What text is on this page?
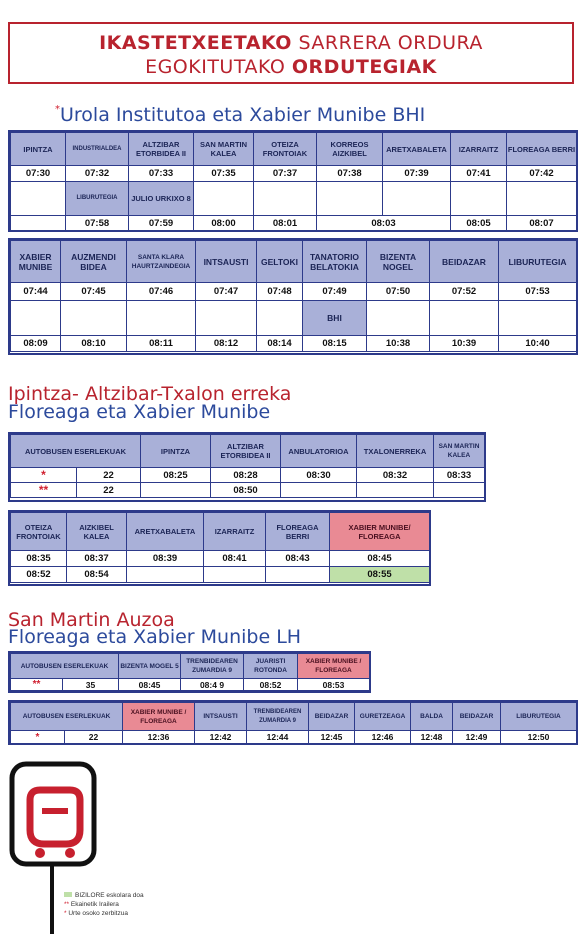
IKASTETXEETAKO SARRERA ORDURA
EGOKITUTAKO ORDUTEGIAK
*Urola Institutoa eta Xabier Munibe BHI
IPINTZA	INDUSTRIALDEA	ALTZIBAR ETORBIDEA II	SAN MARTIN KALEA	OTEIZA FRONTOIAK	KORREOS AIZKIBEL	ARETXABALETA	IZARRAITZ	FLOREAGA BERRI
07:30	07:32	07:33	07:35	07:37	07:38	07:39	07:41	07:42
	LIBURUTEGIA	JULIO URKIXO 8						
	07:58	07:59	08:00	08:01	08:03		08:05	08:07
XABIER MUNIBE	AUZMENDI BIDEA	SANTA KLARA HAURTZAINDEGIA	INTSAUSTI	GELTOKI	TANATORIO BELATOKIA	BIZENTA NOGEL	BEIDAZAR	LIBURUTEGIA
07:44	07:45	07:46	07:47	07:48	07:49	07:50	07:52	07:53
					BHI			
08:09	08:10	08:11	08:12	08:14	08:15	10:38	10:39	10:40
Ipintza- Altzibar-Txalon erreka
Floreaga eta Xabier Munibe
AUTOBUSEN ESERLEKUAK		IPINTZA	ALTZIBAR ETORBIDEA II	ANBULATORIOA	TXALONERREKA	SAN MARTIN KALEA
*	22	08:25	08:28	08:30	08:32	08:33
**	22		08:50			
OTEIZA FRONTOIAK	AIZKIBEL KALEA	ARETXABALETA	IZARRAITZ	FLOREAGA BERRI	XABIER MUNIBE/ FLOREAGA
08:35	08:37	08:39	08:41	08:43	08:45
08:52	08:54				08:55
San Martin Auzoa
Floreaga eta Xabier Munibe LH
AUTOBUSEN ESERLEKUAK		BIZENTA MOGEL 5	TRENBIDEAREN ZUMARDIA 9	JUARISTI ROTONDA	XABIER MUNIBE / FLOREAGA
**	35	08:45	08:4 9	08:52	08:53
AUTOBUSEN ESERLEKUAK		XABIER MUNIBE / FLOREAGA	INTSAUSTI	TRENBIDEAREN ZUMARDIA 9	BEIDAZAR	GURETZEAGA	BALDA	BEIDAZAR	LIBURUTEGIA
*	22	12:36	12:42	12:44	12:45	12:46	12:48	12:49	12:50
BIZILORE eskolara doa
** Ekainetik Irailera
* Urte osoko zerbitzua
